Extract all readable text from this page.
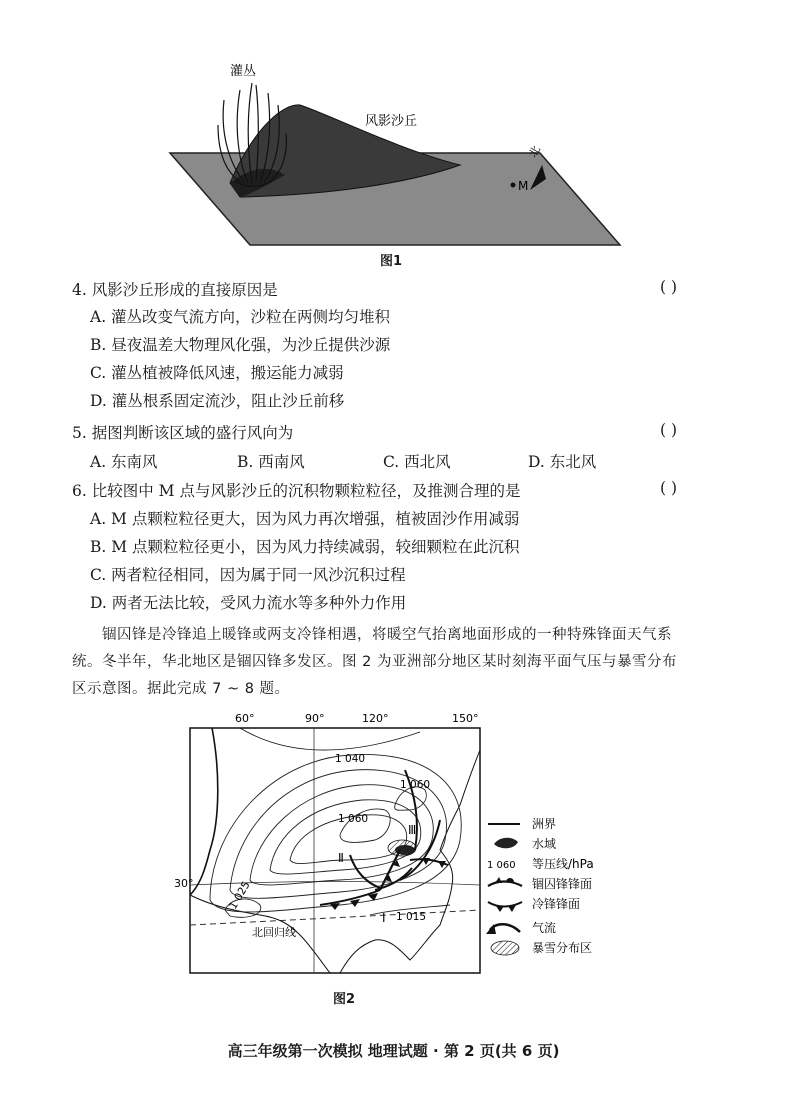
灌丛
风影沙丘
北
M
图1
4. 风影沙丘形成的直接原因是	( )
A. 灌丛改变气流方向，沙粒在两侧均匀堆积
B. 昼夜温差大物理风化强，为沙丘提供沙源
C. 灌丛植被降低风速，搬运能力减弱
D. 灌丛根系固定流沙，阻止沙丘前移
5. 据图判断该区域的盛行风向为	( )
A. 东南风	B. 西南风	C. 西北风	D. 东北风
6. 比较图中 M 点与风影沙丘的沉积物颗粒粒径，及推测合理的是	( )
A. M 点颗粒粒径更大，因为风力再次增强，植被固沙作用减弱
B. M 点颗粒粒径更小，因为风力持续减弱，较细颗粒在此沉积
C. 两者粒径相同，因为属于同一风沙沉积过程
D. 两者无法比较，受风力流水等多种外力作用
锢囚锋是冷锋追上暖锋或两支冷锋相遇，将暖空气抬离地面形成的一种特殊锋面天气系
统。冬半年，华北地区是锢囚锋多发区。图 2 为亚洲部分地区某时刻海平面气压与暴雪分布
区示意图。据此完成 7 ~ 8 题。
60°	90°	120°	150°
30°
1 040
1 060
1 060
1 025
1 015
Ⅰ
Ⅱ
Ⅲ
北回归线
洲界
水域
1 060 等压线/hPa
锢囚锋锋面
冷锋锋面
气流
暴雪分布区
图2
高三年级第一次模拟 地理试题 · 第 2 页(共 6 页)
